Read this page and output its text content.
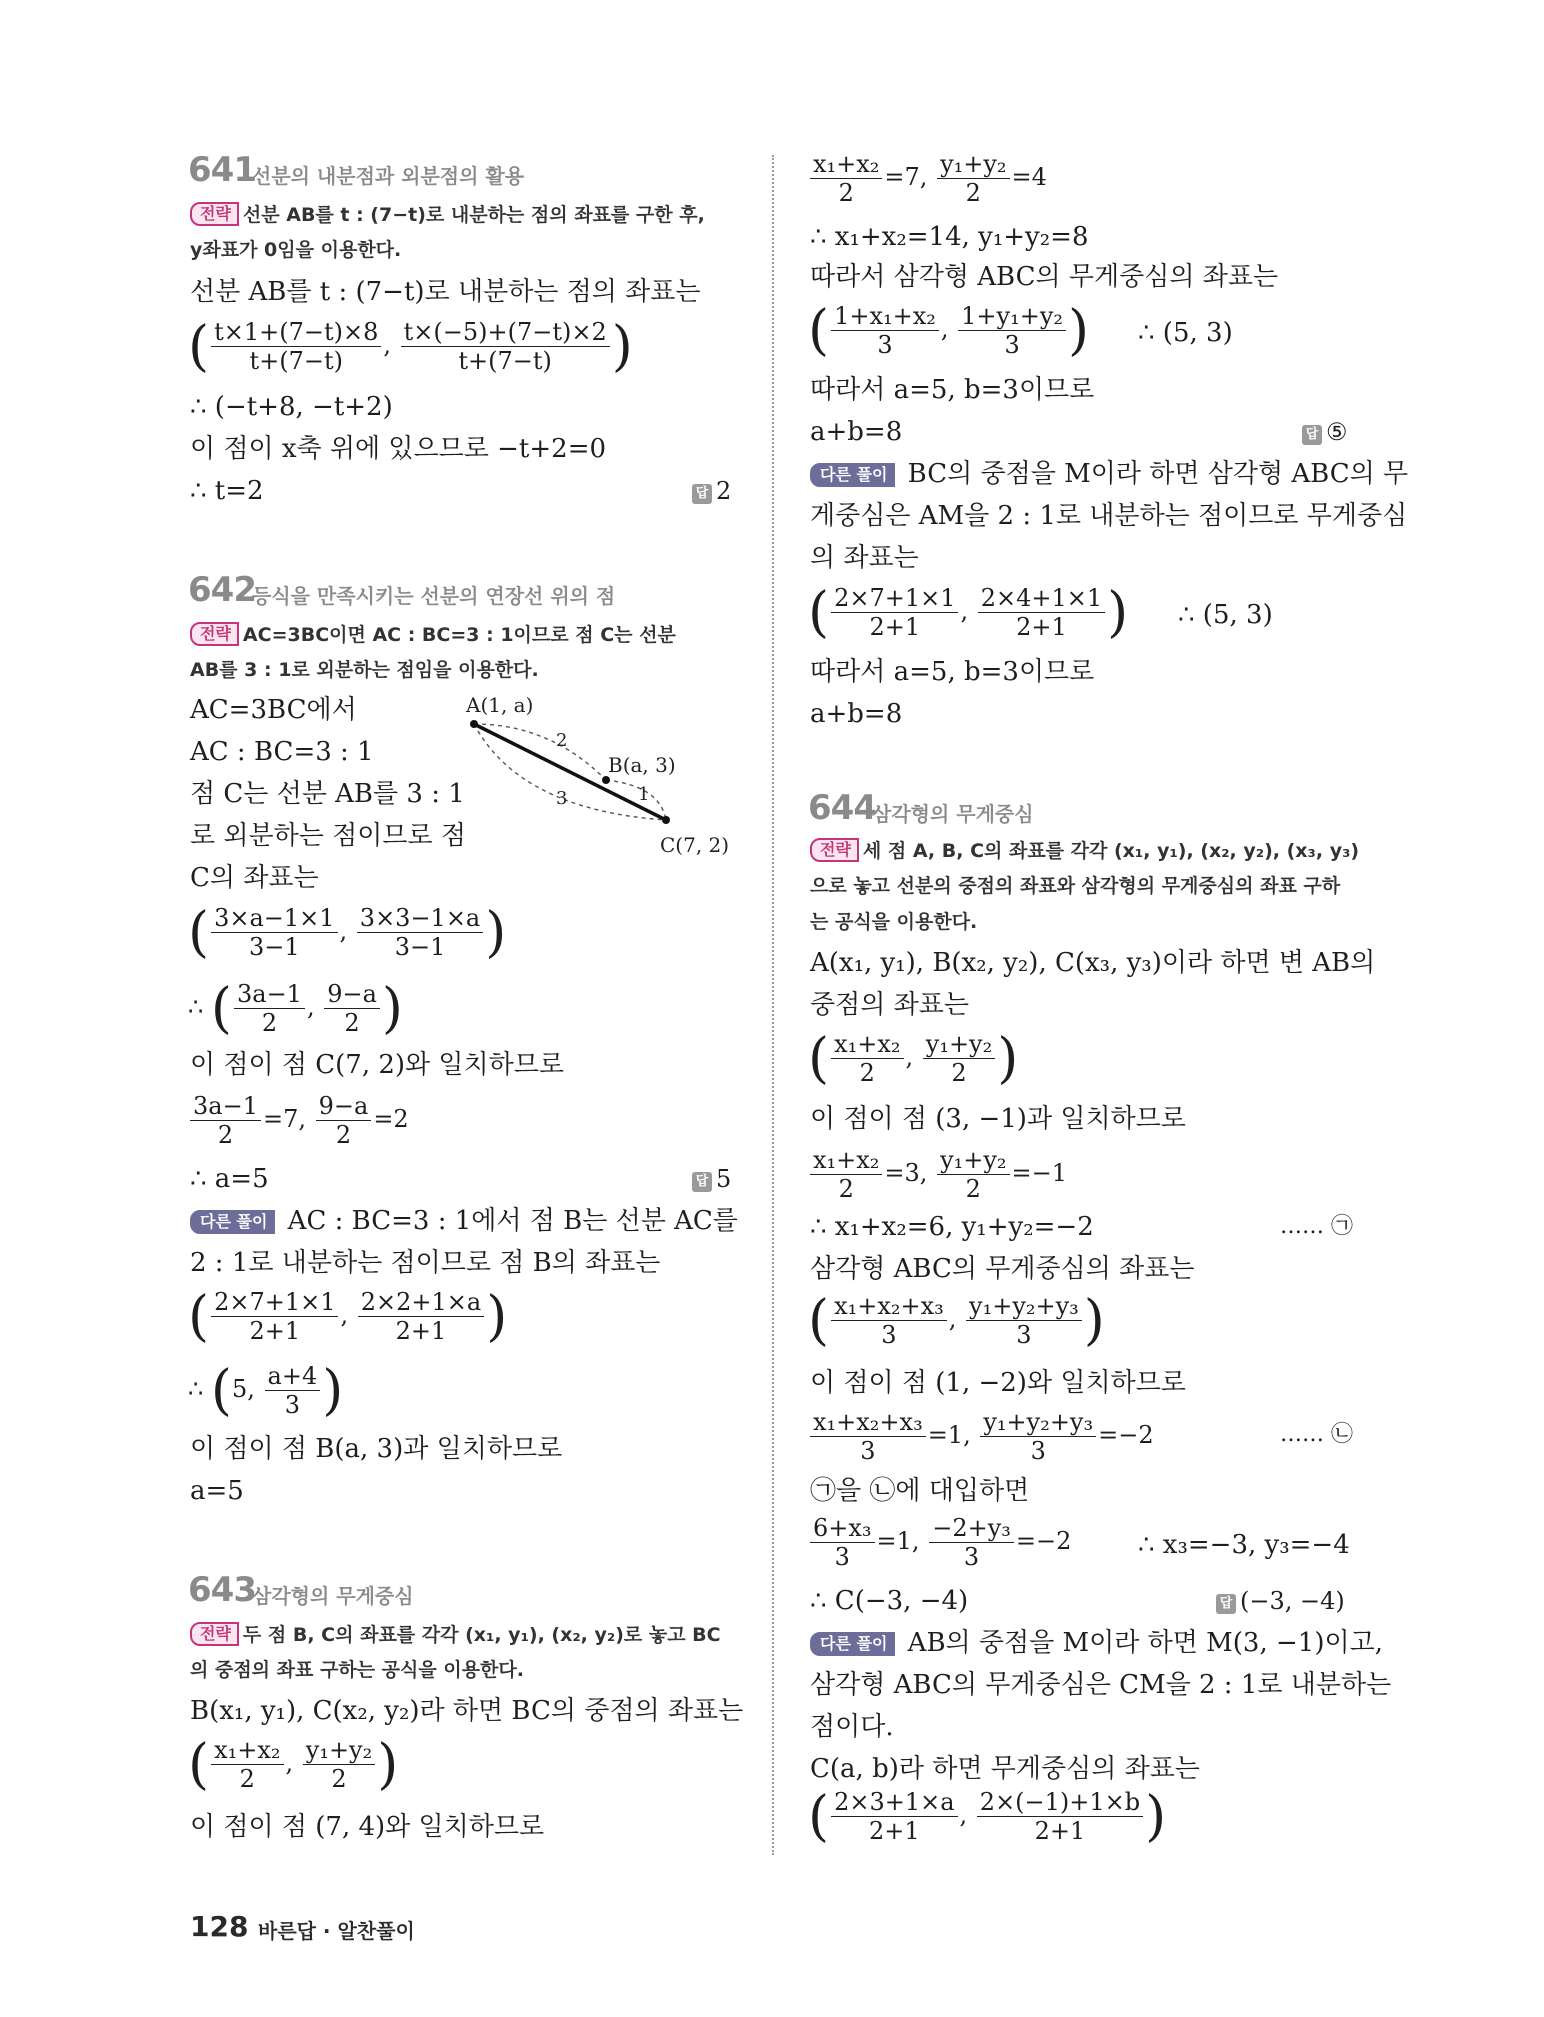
641
선분의 내분점과 외분점의 활용
전략 선분 AB를 t : (7−t)로 내분하는 점의 좌표를 구한 후,
y좌표가 0임을 이용한다.
선분 AB를 t : (7−t)로 내분하는 점의 좌표는
( $\frac{t\times 1+(7-t)\times 8}{t+(7-t)}$ , $\frac{t\times(-5)+(7-t)\times 2}{t+(7-t)}$ )
∴ (−t+8, −t+2)
이 점이 x축 위에 있으므로 −t+2=0
∴ t=2	답 2
642
등식을 만족시키는 선분의 연장선 위의 점
전략 AC=3BC이면 AC : BC=3 : 1이므로 점 C는 선분
AB를 3 : 1로 외분하는 점임을 이용한다.
AC=3BC에서
AC : BC=3 : 1
점 C는 선분 AB를 3 : 1
로 외분하는 점이므로 점
C의 좌표는
A(1, a)
B(a, 3)
C(7, 2)
2
1
3
( $\frac{3\times a-1\times 1}{3-1}$ , $\frac{3\times 3-1\times a}{3-1}$ )
∴ ( $\frac{3a-1}{2}$ , $\frac{9-a}{2}$ )
이 점이 점 C(7, 2)와 일치하므로
$\frac{3a-1}{2} =7$, $\frac{9-a}{2} =2$
∴ a=5	답 5
다른 풀이 AC : BC=3 : 1에서 점 B는 선분 AC를
2 : 1로 내분하는 점이므로 점 B의 좌표는
( $\frac{2\times 7+1\times 1}{2+1}$ , $\frac{2\times 2+1\times a}{2+1}$ )
∴ (5, $\frac{a+4}{3}$ )
이 점이 점 B(a, 3)과 일치하므로
a=5
643
삼각형의 무게중심
전략 두 점 B, C의 좌표를 각각 (x₁, y₁), (x₂, y₂)로 놓고 BC
의 중점의 좌표 구하는 공식을 이용한다.
B(x₁, y₁), C(x₂, y₂)라 하면 BC의 중점의 좌표는
( $\frac{\text{x₁+x₂}}{2}$ , $\frac{\text{y₁+y₂}}{2}$ )
이 점이 점 (7, 4)와 일치하므로
$\frac{\text{x₁+x₂}}{2} =7$, $\frac{\text{y₁+y₂}}{2} =4$
∴ x₁+x₂=14, y₁+y₂=8
따라서 삼각형 ABC의 무게중심의 좌표는
( $\frac{\text{1+x₁+x₂}}{3}$ , $\frac{\text{1+y₁+y₂}}{3}$ ) ∴ (5, 3)
따라서 a=5, b=3이므로
a+b=8	답 ⑤
다른 풀이 BC의 중점을 M이라 하면 삼각형 ABC의 무
게중심은 AM을 2 : 1로 내분하는 점이므로 무게중심
의 좌표는
( $\frac{2\times 7+1\times 1}{2+1}$ , $\frac{2\times 4+1\times 1}{2+1}$ ) ∴ (5, 3)
따라서 a=5, b=3이므로
a+b=8
644
삼각형의 무게중심
전략 세 점 A, B, C의 좌표를 각각 (x₁, y₁), (x₂, y₂), (x₃, y₃)
으로 놓고 선분의 중점의 좌표와 삼각형의 무게중심의 좌표 구하
는 공식을 이용한다.
A(x₁, y₁), B(x₂, y₂), C(x₃, y₃)이라 하면 변 AB의
중점의 좌표는
( $\frac{\text{x₁+x₂}}{2}$ , $\frac{\text{y₁+y₂}}{2}$ )
이 점이 점 (3, −1)과 일치하므로
$\frac{\text{x₁+x₂}}{2} =3$, $\frac{\text{y₁+y₂}}{2} =-1$
∴ x₁+x₂=6, y₁+y₂=−2	…… ㉠
삼각형 ABC의 무게중심의 좌표는
( $\frac{\text{x₁+x₂+x₃}}{3}$ , $\frac{\text{y₁+y₂+y₃}}{3}$ )
이 점이 점 (1, −2)와 일치하므로
$\frac{\text{x₁+x₂+x₃}}{3} =1$, $\frac{\text{y₁+y₂+y₃}}{3} =-2$	…… ㉡
㉠을 ㉡에 대입하면
$\frac{\text{6+x₃}}{3} =1$, $\frac{\text{−2+y₃}}{3} =-2$	∴ x₃=−3, y₃=−4
∴ C(−3, −4)	답 (−3, −4)
다른 풀이 AB의 중점을 M이라 하면 M(3, −1)이고,
삼각형 ABC의 무게중심은 CM을 2 : 1로 내분하는
점이다.
C(a, b)라 하면 무게중심의 좌표는
( $\frac{2\times 3+1\times a}{2+1}$ , $\frac{2\times(-1)+1\times b}{2+1}$ )
128 바른답 · 알찬풀이
